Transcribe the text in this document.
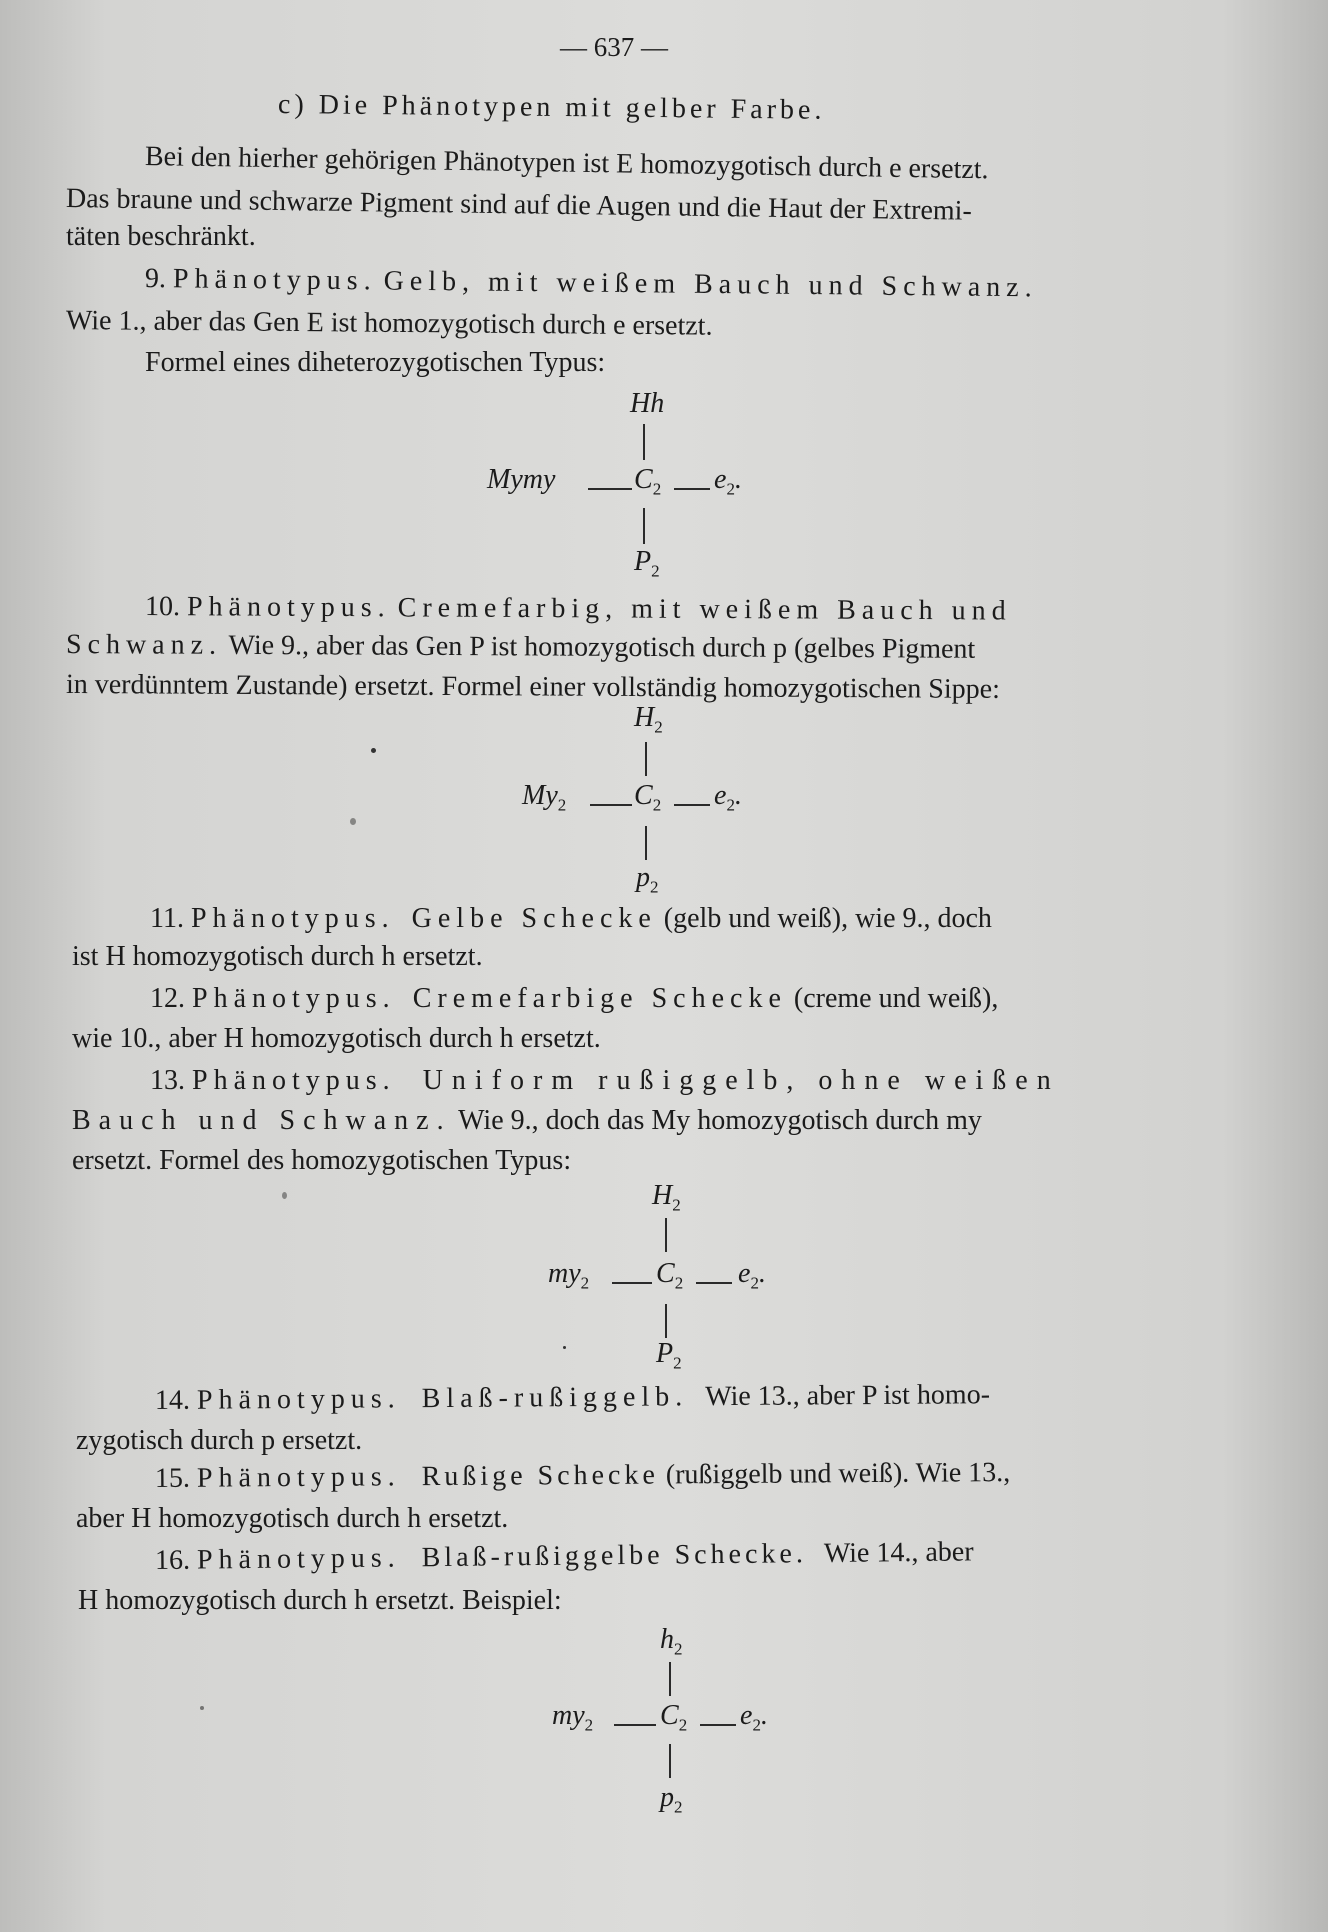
— 637 —
c) Die Phänotypen mit gelber Farbe.
Bei den hierher gehörigen Phänotypen ist E homozygotisch durch e ersetzt.
Das braune und schwarze Pigment sind auf die Augen und die Haut der Extremi-
täten beschränkt.
9. Phänotypus. Gelb, mit weißem Bauch und Schwanz.
Wie 1., aber das Gen E ist homozygotisch durch e ersetzt.
Formel eines diheterozygotischen Typus:
Hh
Mymy	$C_2$ $e_2$.
$P_2$
10. Phänotypus. Cremefarbig, mit weißem Bauch und
Schwanz. Wie 9., aber das Gen P ist homozygotisch durch p (gelbes Pigment
in verdünntem Zustande) ersetzt. Formel einer vollständig homozygotischen Sippe:
$H_2$
$My_2$ $C_2$ $e_2$.
$p_2$
11. Phänotypus. Gelbe Schecke (gelb und weiß), wie 9., doch
ist H homozygotisch durch h ersetzt.
12. Phänotypus. Cremefarbige Schecke (creme und weiß),
wie 10., aber H homozygotisch durch h ersetzt.
13. Phänotypus. Uniform rußiggelb, ohne weißen
Bauch und Schwanz. Wie 9., doch das My homozygotisch durch my
ersetzt. Formel des homozygotischen Typus:
$H_2$
$my_2$ $C_2$ $e_2$.
$P_2$
14. Phänotypus. Blaß-rußiggelb. Wie 13., aber P ist homo-
zygotisch durch p ersetzt.
15. Phänotypus. Rußige Schecke (rußiggelb und weiß). Wie 13.,
aber H homozygotisch durch h ersetzt.
16. Phänotypus. Blaß-rußiggelbe Schecke. Wie 14., aber
H homozygotisch durch h ersetzt. Beispiel:
$h_2$
$my_2$ $C_2$ $e_2$.
$p_2$
